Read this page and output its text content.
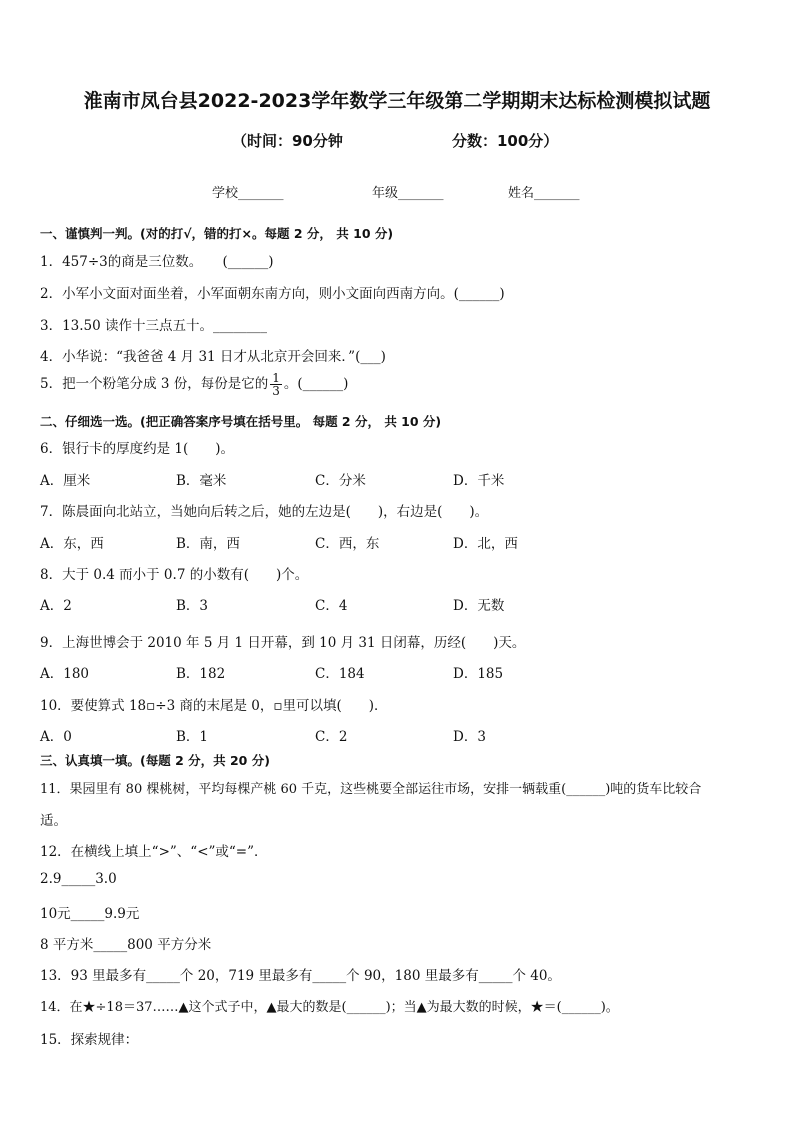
淮南市凤台县2022-2023学年数学三年级第二学期期末达标检测模拟试题
（时间：90分钟	分数：100分）
学校_______	年级_______	姓名_______
一、谨慎判一判。(对的打√，错的打×。每题 2 分， 共 10 分)
1．457÷3的商是三位数。　　(______)
2．小军小文面对面坐着，小军面朝东南方向，则小文面向西南方向。(______)
3．13.50 读作十三点五十。________
4．小华说：“我爸爸 4 月 31 日才从北京开会回来．”(___)
5．把一个粉笔分成 3 份，每份是它的 $\frac{1}{3}$ 。(______)
二、仔细选一选。(把正确答案序号填在括号里。 每题 2 分， 共 10 分)
6．银行卡的厚度约是 1(　　)。
A．厘米	B．毫米	C．分米	D．千米
7．陈晨面向北站立，当她向后转之后，她的左边是(　　)，右边是(　　)。
A．东，西	B．南，西	C．西，东	D．北，西
8．大于 0.4 而小于 0.7 的小数有(　　)个。
A．2	B．3	C．4	D．无数
9．上海世博会于 2010 年 5 月 1 日开幕，到 10 月 31 日闭幕，历经(　　)天。
A．180	B．182	C．184	D．185
10．要使算式 18▫÷3 商的末尾是 0，▫里可以填(　　)．
A．0	B．1	C．2	D．3
三、认真填一填。(每题 2 分，共 20 分)
11．果园里有 80 棵桃树，平均每棵产桃 60 千克，这些桃要全部运往市场，安排一辆载重(______)吨的货车比较合
适。
12．在横线上填上“>”、“<”或“=”．
2.9_____3.0
10元_____9.9元
8 平方米_____800 平方分米
13．93 里最多有_____个 20，719 里最多有_____个 90，180 里最多有_____个 40。
14．在★÷18＝37……▲这个式子中，▲最大的数是(______)；当▲为最大数的时候，★＝(______)。
15．探索规律：
